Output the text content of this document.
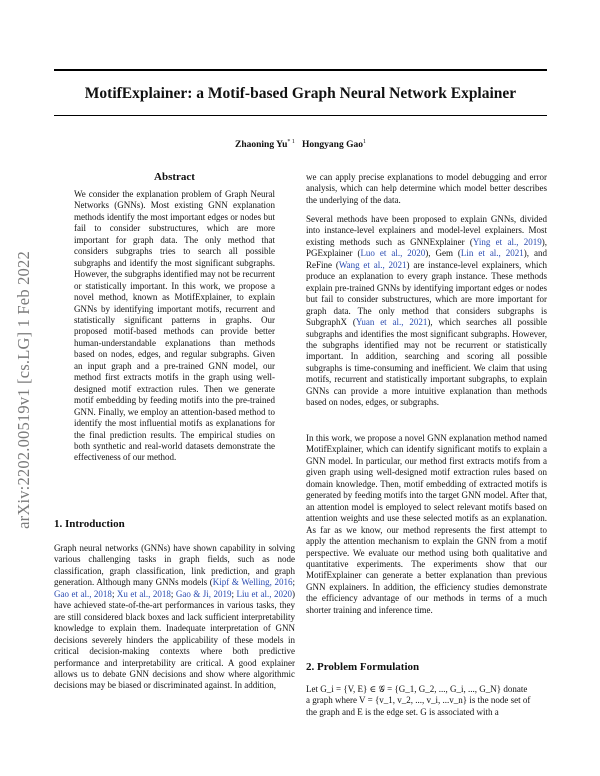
MotifExplainer: a Motif-based Graph Neural Network Explainer
Zhaoning Yu$^{* 1}$   Hongyang Gao$^1$
arXiv:2202.00519v1 [cs.LG] 1 Feb 2022
Abstract

We consider the explanation problem of Graph Neural Networks (GNNs). Most existing GNN explanation methods identify the most important edges or nodes but fail to consider substructures, which are more important for graph data. The only method that considers subgraphs tries to search all possible subgraphs and identify the most significant subgraphs. However, the subgraphs identified may not be recurrent or statistically important. In this work, we propose a novel method, known as MotifExplainer, to explain GNNs by identifying important motifs, recurrent and statistically significant patterns in graphs. Our proposed motif-based methods can provide better human-understandable explanations than methods based on nodes, edges, and regular subgraphs. Given an input graph and a pre-trained GNN model, our method first extracts motifs in the graph using well-designed motif extraction rules. Then we generate motif embedding by feeding motifs into the pre-trained GNN. Finally, we employ an attention-based method to identify the most influential motifs as explanations for the final prediction results. The empirical studies on both synthetic and real-world datasets demonstrate the effectiveness of our method.

1. Introduction

Graph neural networks (GNNs) have shown capability in solving various challenging tasks in graph fields, such as node classification, graph classification, link prediction, and graph generation. Although many GNNs models (Kipf & Welling, 2016; Gao et al., 2018; Xu et al., 2018; Gao & Ji, 2019; Liu et al., 2020) have achieved state-of-the-art performances in various tasks, they are still considered black boxes and lack sufficient interpretability knowledge to explain them. Inadequate interpretation of GNN decisions severely hinders the applicability of these models in critical decision-making contexts where both predictive performance and interpretability are critical. A good explainer allows us to debate GNN decisions and show where algorithmic decisions may be biased or discriminated against. In addition,

we can apply precise explanations to model debugging and error analysis, which can help determine which model better describes the underlying of the data.

Several methods have been proposed to explain GNNs, divided into instance-level explainers and model-level explainers. Most existing methods such as GNNExplainer (Ying et al., 2019), PGExplainer (Luo et al., 2020), Gem (Lin et al., 2021), and ReFine (Wang et al., 2021) are instance-level explainers, which produce an explanation to every graph instance. These methods explain pre-trained GNNs by identifying important edges or nodes but fail to consider substructures, which are more important for graph data. The only method that considers subgraphs is SubgraphX (Yuan et al., 2021), which searches all possible subgraphs and identifies the most significant subgraphs. However, the subgraphs identified may not be recurrent or statistically important. In addition, searching and scoring all possible subgraphs is time-consuming and inefficient. We claim that using motifs, recurrent and statistically important subgraphs, to explain GNNs can provide a more intuitive explanation than methods based on nodes, edges, or subgraphs.

In this work, we propose a novel GNN explanation method named MotifExplainer, which can identify significant motifs to explain a GNN model. In particular, our method first extracts motifs from a given graph using well-designed motif extraction rules based on domain knowledge. Then, motif embedding of extracted motifs is generated by feeding motifs into the target GNN model. After that, an attention model is employed to select relevant motifs based on attention weights and use these selected motifs as an explanation. As far as we know, our method represents the first attempt to apply the attention mechanism to explain the GNN from a motif perspective. We evaluate our method using both qualitative and quantitative experiments. The experiments show that our MotifExplainer can generate a better explanation than previous GNN explainers. In addition, the efficiency studies demonstrate the efficiency advantage of our methods in terms of a much shorter training and inference time.

2. Problem Formulation

Let G_i = {V, E} ∈ 𝒢 = {G_1, G_2, ..., G_i, ..., G_N} donate
a graph where V = {v_1, v_2, ..., v_i, ...v_n} is the node set of
the graph and E is the edge set. G is associated with a
